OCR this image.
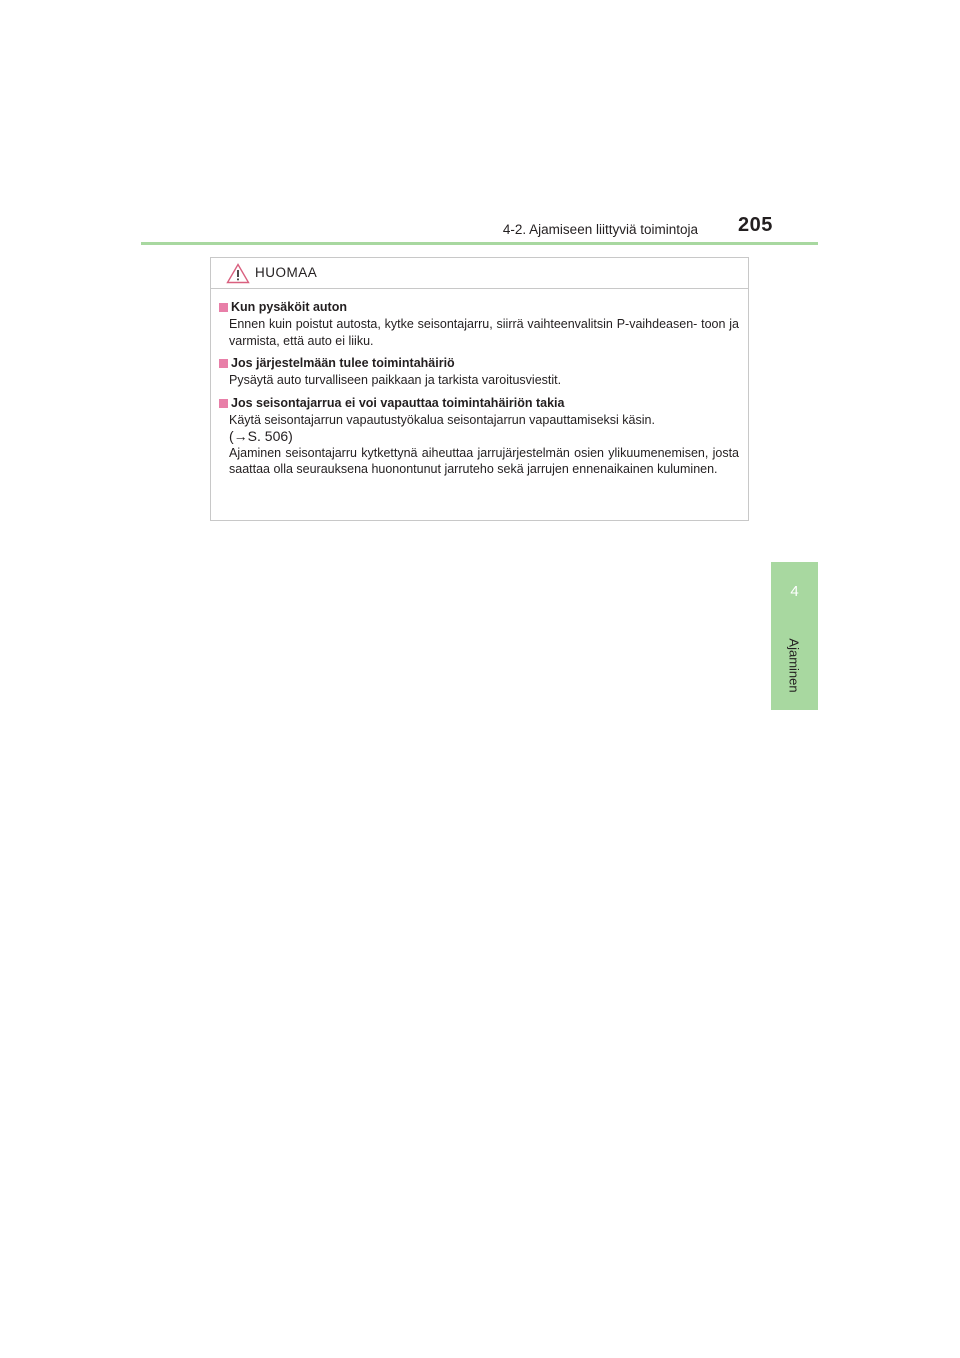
4-2. Ajamiseen liittyviä toimintoja 205
4
Ajaminen
HUOMAA
Kun pysäköit auton

Ennen kuin poistut autosta, kytke seisontajarru, siirrä vaihteenvalitsin P-vaihdeasen- toon ja varmista, että auto ei liiku.

Jos järjestelmään tulee toimintahäiriö

Pysäytä auto turvalliseen paikkaan ja tarkista varoitusviestit.

Jos seisontajarrua ei voi vapauttaa toimintahäiriön takia

Käytä seisontajarrun vapautustyökalua seisontajarrun vapauttamiseksi käsin.

(→S. 506)

Ajaminen seisontajarru kytkettynä aiheuttaa jarrujärjestelmän osien ylikuumenemisen, josta saattaa olla seurauksena huonontunut jarruteho sekä jarrujen ennenaikainen kuluminen.
